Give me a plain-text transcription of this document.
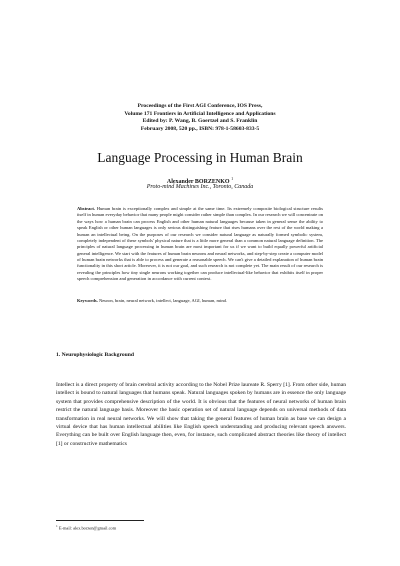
Proceedings of the First AGI Conference, IOS Press,
Volume 171 Frontiers in Artificial Intelligence and Applications
Edited by: P. Wang, B. Goertzel and S. Franklin
February 2008, 520 pp., ISBN: 978-1-58603-833-5
Language Processing in Human Brain
Alexander BORZENKO $^1$
Proto-mind Machines Inc., Toronto, Canada
Abstract. Human brain is exceptionally complex and simple at the same time. Its extremely composite biological structure results itself in human everyday behavior that many people might consider rather simple than complex. In our research we will concentrate on the ways how a human brain can process English and other human natural languages because taken in general sense the ability to speak English or other human languages is only serious distinguishing feature that rises humans over the rest of the world making a human an intellectual being. On the purposes of our research we consider natural language as naturally formed symbolic system, completely independent of these symbols' physical nature that is a little more general than a common natural language definition. The principles of natural language processing in human brain are most important for us if we want to build equally powerful artificial general intelligence. We start with the features of human brain neurons and neural networks, and step-by-step create a computer model of human brain networks that is able to process and generate a reasonable speech. We can't give a detailed explanation of human brain functionality in this short article. Moreover, it is not our goal, and such research is not complete yet. The main result of our research is revealing the principles how tiny single neurons working together can produce intellectual-like behavior that exhibits itself in proper speech comprehension and generation in accordance with current context.
Keywords. Neuron, brain, neural network, intellect, language, AGI, human, mind.
1. Neurophysiologic Background
Intellect is a direct property of brain cerebral activity according to the Nobel Prize laureate R. Sperry [1]. From other side, human intellect is bound to natural languages that humans speak. Natural languages spoken by humans are in essence the only language system that provides comprehensive description of the world. It is obvious that the features of neural networks of human brain restrict the natural language basis. Moreover the basic operation set of natural language depends on universal methods of data transformation in real neural networks. We will show that taking the general features of human brain as base we can design a virtual device that has human intellectual abilities like English speech understanding and producing relevant speech answers. Everything can be built over English language then, even, for instance, such complicated abstract theories like theory of intellect [1] or constructive mathematics
$^1$ E-mail: alex.borzen@gmail.com
